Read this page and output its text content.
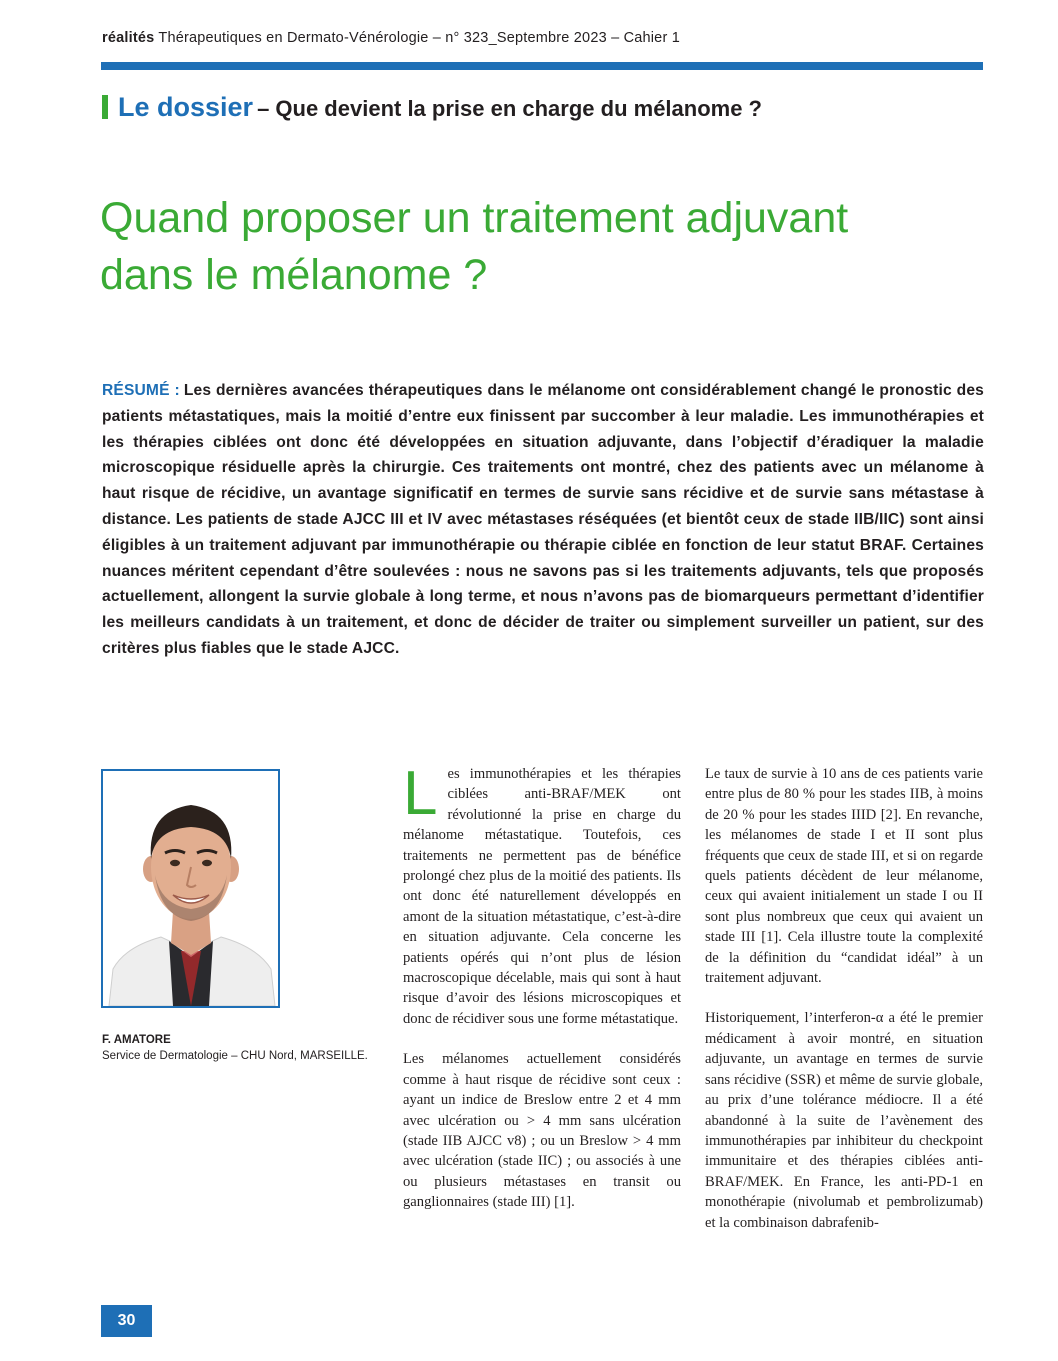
réalités Thérapeutiques en Dermato-Vénérologie – n° 323_Septembre 2023 – Cahier 1
Le dossier – Que devient la prise en charge du mélanome ?
Quand proposer un traitement adjuvant
dans le mélanome ?

RÉSUMÉ : Les dernières avancées thérapeutiques dans le mélanome ont considérablement changé le pronostic des patients métastatiques, mais la moitié d’entre eux finissent par succomber à leur maladie. Les immunothérapies et les thérapies ciblées ont donc été développées en situation adjuvante, dans l’objectif d’éradiquer la maladie microscopique résiduelle après la chirurgie. Ces traitements ont montré, chez des patients avec un mélanome à haut risque de récidive, un avantage significatif en termes de survie sans récidive et de survie sans métastase à distance. Les patients de stade AJCC III et IV avec métastases réséquées (et bientôt ceux de stade IIB/IIC) sont ainsi éligibles à un traitement adjuvant par immunothérapie ou thérapie ciblée en fonction de leur statut BRAF. Certaines nuances méritent cependant d’être soulevées : nous ne savons pas si les traitements adjuvants, tels que proposés actuellement, allongent la survie globale à long terme, et nous n’avons pas de biomarqueurs permettant d’identifier les meilleurs candidats à un traitement, et donc de décider de traiter ou simplement surveiller un patient, sur des critères plus fiables que le stade AJCC.

F. AMATORE
Service de Dermatologie – CHU Nord, MARSEILLE.

Les immunothérapies et les thérapies ciblées anti-BRAF/MEK ont révolutionné la prise en charge du mélanome métastatique. Toutefois, ces traitements ne permettent pas de bénéfice prolongé chez plus de la moitié des patients. Ils ont donc été naturellement développés en amont de la situation métastatique, c’est-à-dire en situation adjuvante. Cela concerne les patients opérés qui n’ont plus de lésion macroscopique décelable, mais qui sont à haut risque d’avoir des lésions microscopiques et donc de récidiver sous une forme métastatique.

Les mélanomes actuellement considérés comme à haut risque de récidive sont ceux : ayant un indice de Breslow entre 2 et 4 mm avec ulcération ou > 4 mm sans ulcération (stade IIB AJCC v8) ; ou un Breslow > 4 mm avec ulcération (stade IIC) ; ou associés à une ou plusieurs métastases en transit ou ganglionnaires (stade III) [1].

Le taux de survie à 10 ans de ces patients varie entre plus de 80 % pour les stades IIB, à moins de 20 % pour les stades IIID [2]. En revanche, les mélanomes de stade I et II sont plus fréquents que ceux de stade III, et si on regarde quels patients décèdent de leur mélanome, ceux qui avaient initialement un stade I ou II sont plus nombreux que ceux qui avaient un stade III [1]. Cela illustre toute la complexité de la définition du “candidat idéal” à un traitement adjuvant.

Historiquement, l’interferon-α a été le premier médicament à avoir montré, en situation adjuvante, un avantage en termes de survie sans récidive (SSR) et même de survie globale, au prix d’une tolérance médiocre. Il a été abandonné à la suite de l’avènement des immunothérapies par inhibiteur du checkpoint immunitaire et des thérapies ciblées anti-BRAF/MEK. En France, les anti-PD-1 en monothérapie (nivolumab et pembrolizumab) et la combinaison dabrafenib-

30
